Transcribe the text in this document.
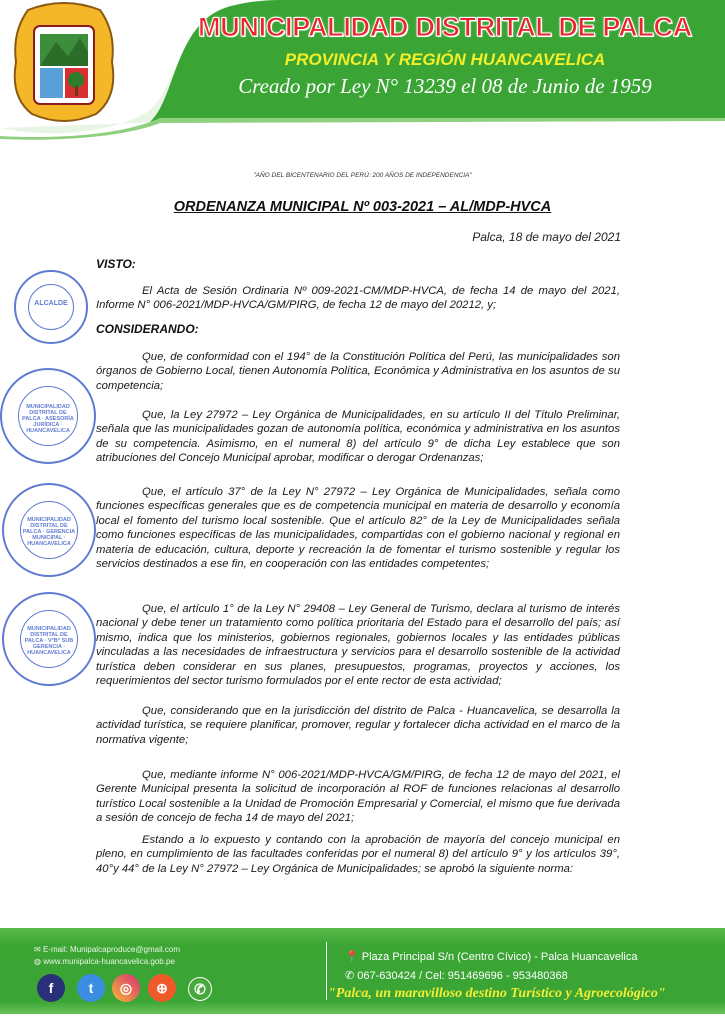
MUNICIPALIDAD DISTRITAL DE PALCA
PROVINCIA Y REGIÓN HUANCAVELICA
Creado por Ley N° 13239 el 08 de Junio de 1959
"AÑO DEL BICENTENARIO DEL PERÚ: 200 AÑOS DE INDEPENDENCIA"
ORDENANZA MUNICIPAL Nº 003-2021 – AL/MDP-HVCA
Palca, 18 de mayo del 2021
VISTO:
El Acta de Sesión Ordinaria Nº 009-2021-CM/MDP-HVCA, de fecha 14 de mayo del 2021, Informe N° 006-2021/MDP-HVCA/GM/PIRG, de fecha 12 de mayo del 20212, y;
CONSIDERANDO:
Que, de conformidad con el 194° de la Constitución Política del Perú, las municipalidades son órganos de Gobierno Local, tienen Autonomía Política, Económica y Administrativa en los asuntos de su competencia;
Que, la Ley 27972 – Ley Orgánica de Municipalidades, en su artículo II del Título Preliminar, señala que las municipalidades gozan de autonomía política, económica y administrativa en los asuntos de su competencia. Asimismo, en el numeral 8) del artículo 9° de dicha Ley establece que son atribuciones del Concejo Municipal aprobar, modificar o derogar Ordenanzas;
Que, el artículo 37° de la Ley N° 27972 – Ley Orgánica de Municipalidades, señala como funciones específicas generales que es de competencia municipal en materia de desarrollo y economía local el fomento del turismo local sostenible. Que el artículo 82° de la Ley de Municipalidades señala como funciones específicas de las municipalidades, compartidas con el gobierno nacional y regional en materia de educación, cultura, deporte y recreación la de fomentar el turismo sostenible y regular los servicios destinados a ese fin, en cooperación con las entidades competentes;
Que, el artículo 1° de la Ley N° 29408 – Ley General de Turismo, declara al turismo de interés nacional y debe tener un tratamiento como política prioritaria del Estado para el desarrollo del país; así mismo, indica que los ministerios, gobiernos regionales, gobiernos locales y las entidades públicas vinculadas a las necesidades de infraestructura y servicios para el desarrollo sostenible de la actividad turística deben considerar en sus planes, presupuestos, programas, proyectos y acciones, los requerimientos del sector turismo formulados por el ente rector de esta actividad;
Que, considerando que en la jurisdicción del distrito de Palca - Huancavelica, se desarrolla la actividad turística, se requiere planificar, promover, regular y fortalecer dicha actividad en el marco de la normativa vigente;
Que, mediante informe N° 006-2021/MDP-HVCA/GM/PIRG, de fecha 12 de mayo del 2021, el Gerente Municipal presenta la solicitud de incorporación al ROF de funciones relacionas al desarrollo turístico Local sostenible a la Unidad de Promoción Empresarial y Comercial, el mismo que fue derivada a sesión de concejo de fecha 14 de mayo del 2021;
Estando a lo expuesto y contando con la aprobación de mayoría del concejo municipal en pleno, en cumplimiento de las facultades conferidas por el numeral 8) del artículo 9° y los artículos 39°, 40°y 44° de la Ley N° 27972 – Ley Orgánica de Municipalidades; se aprobó la siguiente norma:
ALCALDE
MUNICIPALIDAD DISTRITAL DE PALCA · ASESORÍA JURÍDICA · HUANCAVELICA
MUNICIPALIDAD DISTRITAL DE PALCA · GERENCIA MUNICIPAL · HUANCAVELICA
MUNICIPALIDAD DISTRITAL DE PALCA · V°B° SUB GERENCIA · HUANCAVELICA
✉ E-mail: Munipalcaproduce@gmail.com
◍ www.munipalca-huancavelica.gob.pe
f	t	◎	⊕	✆
📍 Plaza Principal S/n (Centro Cívico) - Palca Huancavelica
✆ 067-630424 / Cel: 951469696 - 953480368
"Palca, un maravilloso destino Turístico y Agroecológico"
